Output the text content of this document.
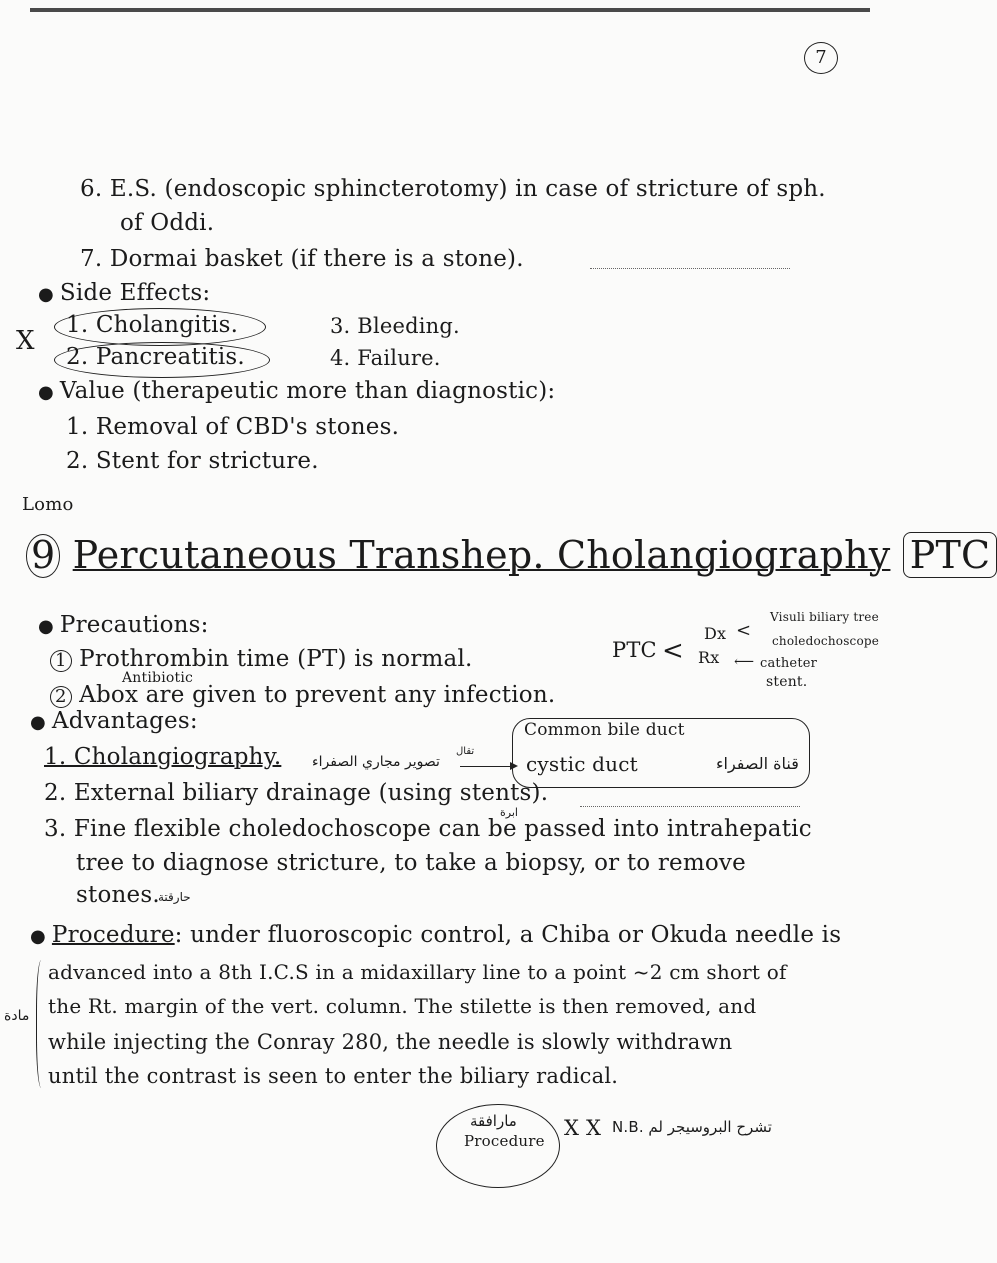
7
6. E.S. (endoscopic sphincterotomy) in case of stricture of sph.
of Oddi.
7. Dormai basket (if there is a stone).
● Side Effects:
X
1. Cholangitis.
2. Pancreatitis.
3. Bleeding.
4. Failure.
● Value (therapeutic more than diagnostic):
1. Removal of CBD's stones.
2. Stent for stricture.
Lomo
9 Percutaneous Transhep. Cholangiography PTC
● Precautions:
1 Prothrombin time (PT) is normal.
Antibiotic
2 Abox are given to prevent any infection.
PTC <
Dx
Rx
<
Visuli biliary tree
choledochoscope
⟵ catheter
stent.
● Advantages:
1. Cholangiography. تصوير مجاري الصفراء
Common bile duct
cystic duct	قناة الصفراء
تقال
2. External biliary drainage (using stents).
ابرة
3. Fine flexible choledochoscope can be passed into intrahepatic
tree to diagnose stricture, to take a biopsy, or to remove
stones.
حارقتة
● Procedure: under fluoroscopic control, a Chiba or Okuda needle is
مادة
advanced into a 8th I.C.S in a midaxillary line to a point ~2 cm short of
the Rt. margin of the vert. column. The stilette is then removed, and
while injecting the Conray 280, the needle is slowly withdrawn
until the contrast is seen to enter the biliary radical.
مارافقة
Procedure
X X تشرح البروسيجر لم .N.B
